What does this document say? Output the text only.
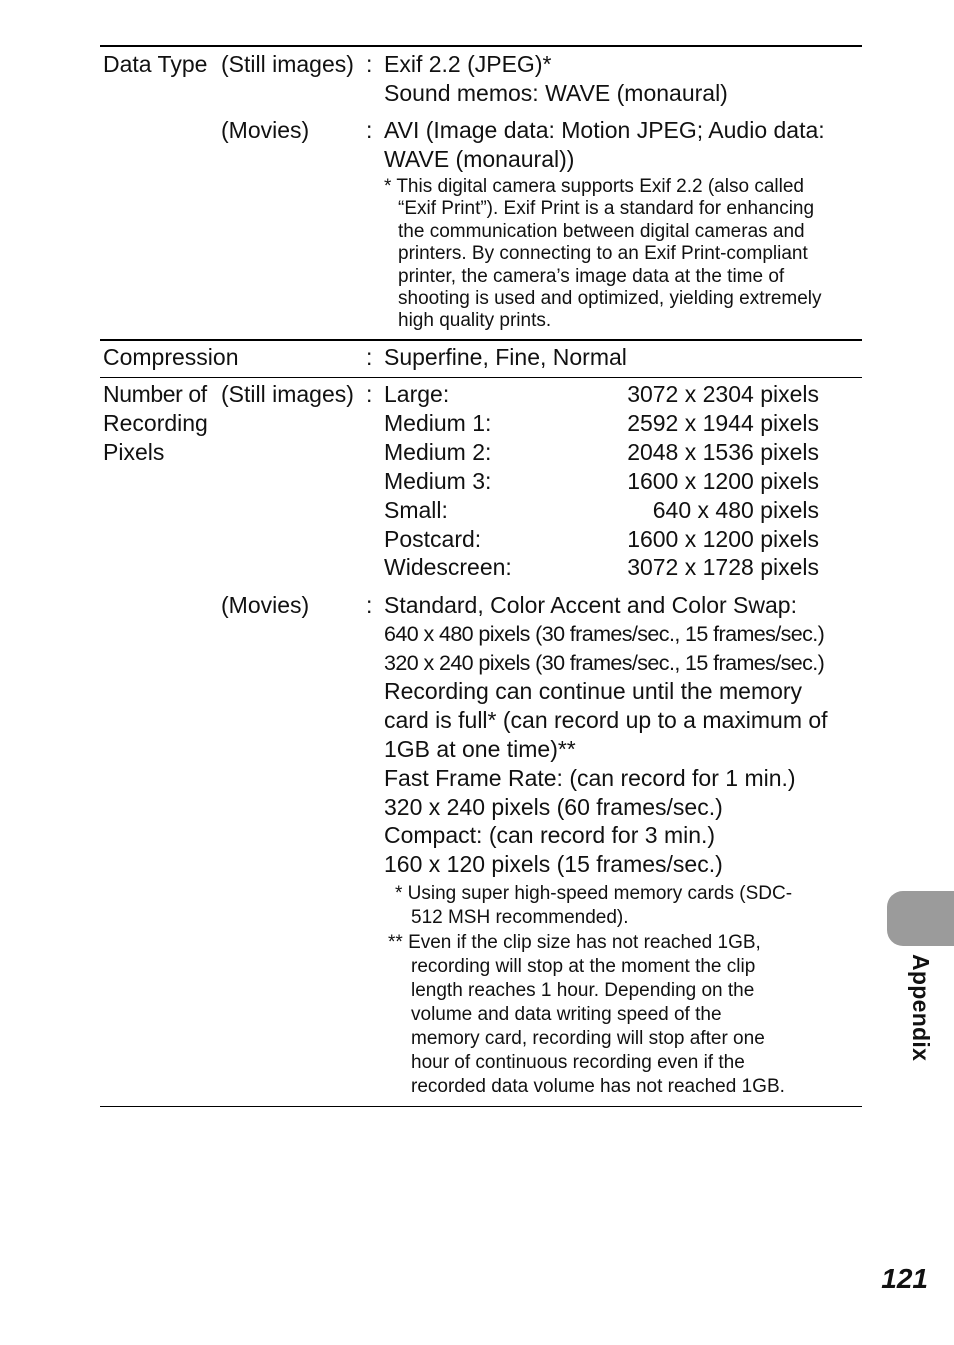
Data Type (Still images) : Exif 2.2 (JPEG)*
Sound memos: WAVE (monaural)
(Movies) : AVI (Image data: Motion JPEG; Audio data:
WAVE (monaural))
* This digital camera supports Exif 2.2 (also called
“Exif Print”). Exif Print is a standard for enhancing
the communication between digital cameras and
printers. By connecting to an Exif Print-compliant
printer, the camera’s image data at the time of
shooting is used and optimized, yielding extremely
high quality prints.
Compression	: Superfine, Fine, Normal
Number of
Recording
Pixels
(Still images) : Large:	3072 x 2304 pixels
Medium 1:	2592 x 1944 pixels
Medium 2:	2048 x 1536 pixels
Medium 3:	1600 x 1200 pixels
Small:	640 x 480 pixels
Postcard:	1600 x 1200 pixels
Widescreen:	3072 x 1728 pixels
(Movies) : Standard, Color Accent and Color Swap:
640 x 480 pixels (30 frames/sec., 15 frames/sec.)
320 x 240 pixels (30 frames/sec., 15 frames/sec.)
Recording can continue until the memory
card is full* (can record up to a maximum of
1GB at one time)**
Fast Frame Rate: (can record for 1 min.)
320 x 240 pixels (60 frames/sec.)
Compact: (can record for 3 min.)
160 x 120 pixels (15 frames/sec.)
* Using super high-speed memory cards (SDC-
512 MSH recommended).
** Even if the clip size has not reached 1GB,
recording will stop at the moment the clip
length reaches 1 hour. Depending on the
volume and data writing speed of the
memory card, recording will stop after one
hour of continuous recording even if the
recorded data volume has not reached 1GB.
Appendix
121
